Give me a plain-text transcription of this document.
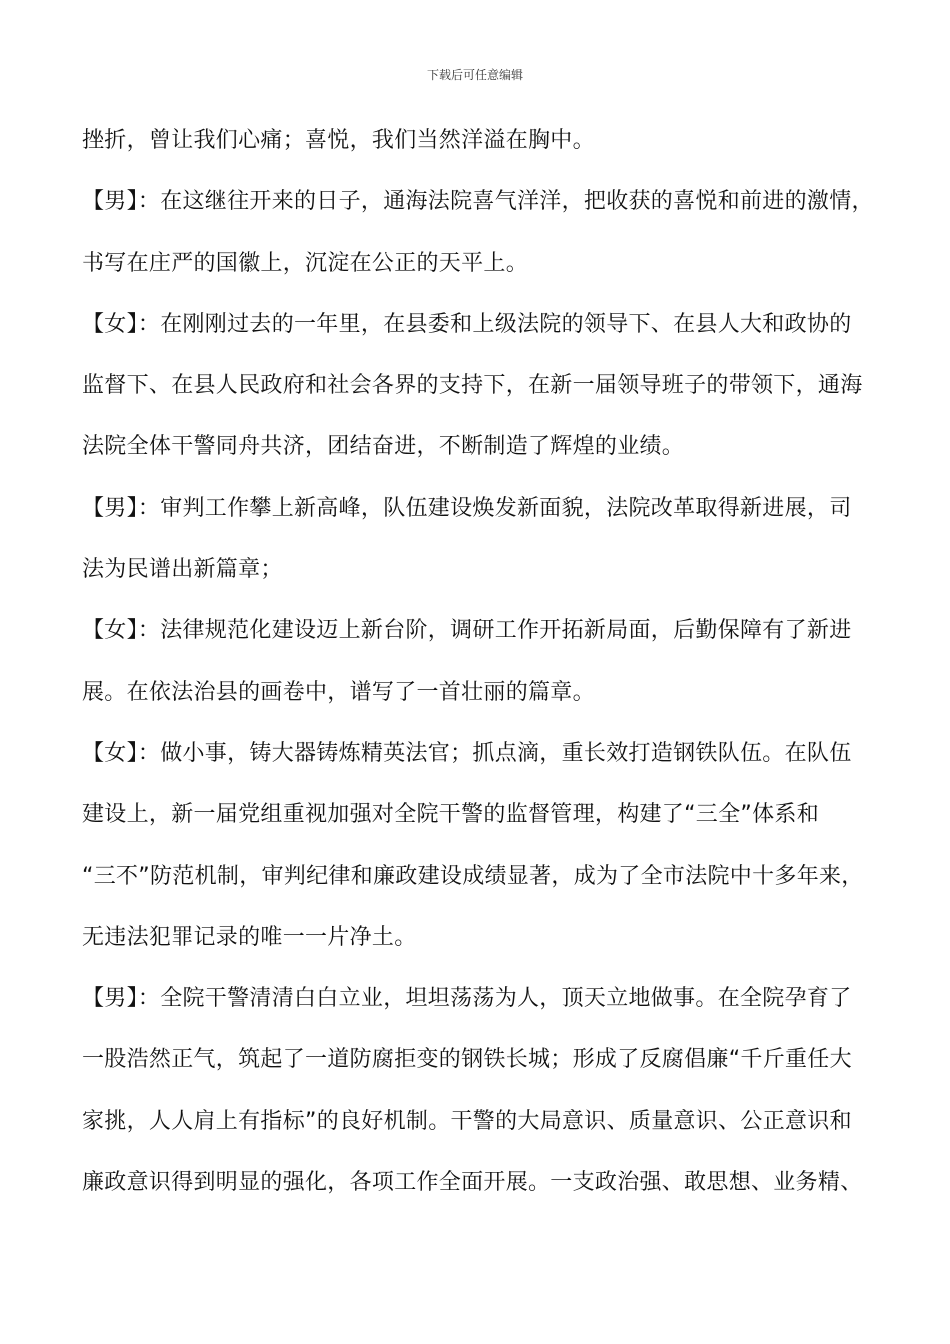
下载后可任意编辑
挫折，曾让我们心痛；喜悦，我们当然洋溢在胸中。
【男】：在这继往开来的日子，通海法院喜气洋洋，把收获的喜悦和前进的激情，
书写在庄严的国徽上，沉淀在公正的天平上。
【女】：在刚刚过去的一年里，在县委和上级法院的领导下、在县人大和政协的
监督下、在县人民政府和社会各界的支持下，在新一届领导班子的带领下，通海
法院全体干警同舟共济，团结奋进，不断制造了辉煌的业绩。
【男】：审判工作攀上新高峰，队伍建设焕发新面貌，法院改革取得新进展，司
法为民谱出新篇章；
【女】：法律规范化建设迈上新台阶，调研工作开拓新局面，后勤保障有了新进
展。在依法治县的画卷中，谱写了一首壮丽的篇章。
【女】：做小事，铸大器铸炼精英法官；抓点滴，重长效打造钢铁队伍。在队伍
建设上，新一届党组重视加强对全院干警的监督管理，构建了“三全”体系和
“三不”防范机制，审判纪律和廉政建设成绩显著，成为了全市法院中十多年来，
无违法犯罪记录的唯一一片净土。
【男】：全院干警清清白白立业，坦坦荡荡为人，顶天立地做事。在全院孕育了
一股浩然正气，筑起了一道防腐拒变的钢铁长城；形成了反腐倡廉“千斤重任大
家挑，人人肩上有指标”的良好机制。干警的大局意识、质量意识、公正意识和
廉政意识得到明显的强化，各项工作全面开展。一支政治强、敢思想、业务精、
